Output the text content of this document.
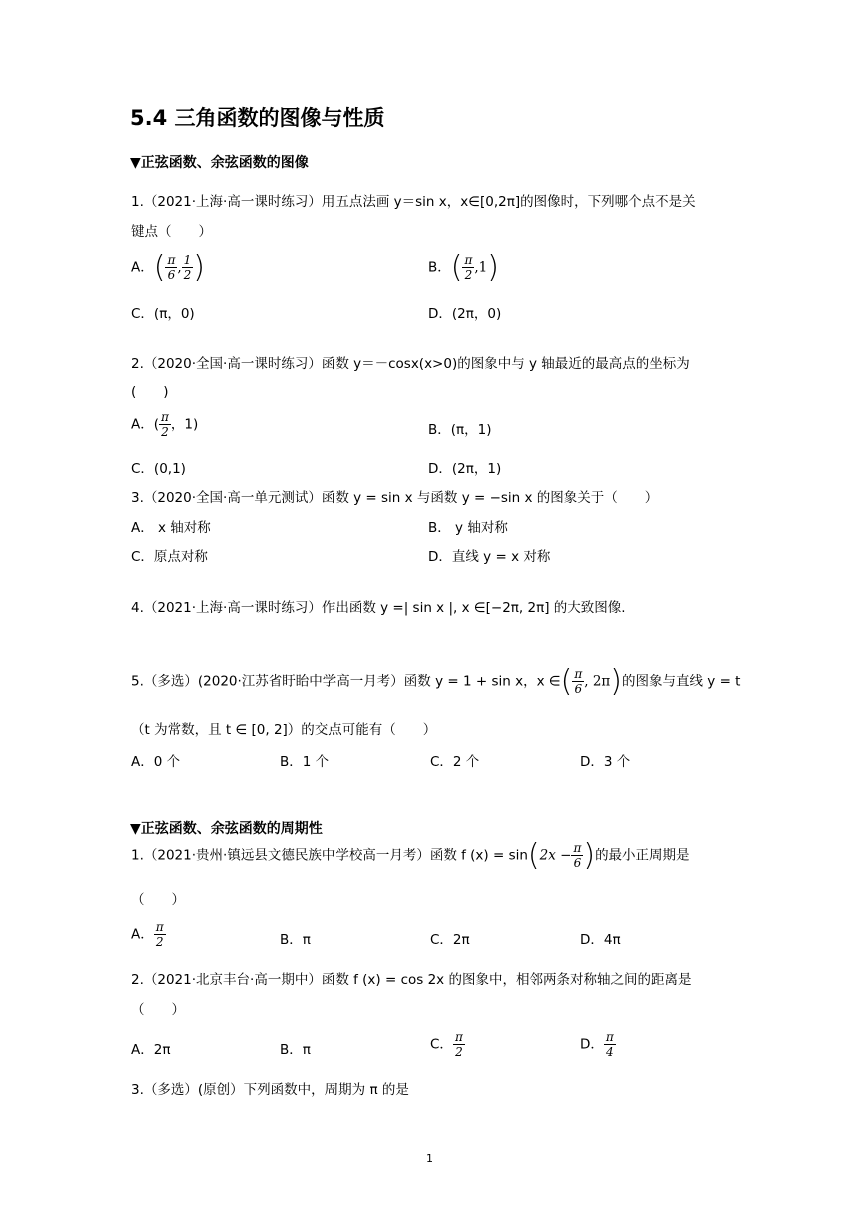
5.4 三角函数的图像与性质
▼正弦函数、余弦函数的图像
1.（2021·上海·高一课时练习）用五点法画 y＝sin x，x∈[0,2π]的图像时，下列哪个点不是关
键点（　　）
A．( $\frac{\pi}{6}$ , $\frac{1}{2}$ )	B．( $\frac{\pi}{2} ,1$)
C．(π，0)	D．(2π，0)
2.（2020·全国·高一课时练习）函数 y＝－cosx(x>0)的图象中与 y 轴最近的最高点的坐标为
(　　)
A．( $\frac{\pi}{2}$ ，1)	B．(π，1)
C．(0,1)	D．(2π，1)
3.（2020·全国·高一单元测试）函数 y = sin x 与函数 y = −sin x 的图象关于（　　）
A． x 轴对称	B． y 轴对称
C．原点对称	D．直线 y = x 对称
4.（2021·上海·高一课时练习）作出函数 y =| sin x |, x ∈[−2π, 2π] 的大致图像.
5.（多选）(2020·江苏省盱眙中学高一月考）函数 y = 1 + sin x，x ∈( $\frac{\pi}{6}$ , 2π)的图象与直线 y = t
（t 为常数，且 t ∈ [0, 2]）的交点可能有（　　）
A．0 个	B．1 个	C．2 个	D．3 个
▼正弦函数、余弦函数的周期性
1.（2021·贵州·镇远县文德民族中学校高一月考）函数 f $(x) = \sin(2x - \frac{\pi}{6}$ )的最小正周期是
（　　）
A． $\frac{\pi}{2}$	B．π	C．2π	D．4π
2.（2021·北京丰台·高一期中）函数 f (x) = cos 2x 的图象中，相邻两条对称轴之间的距离是
（　　）
A．2π	B．π	C． $\frac{\pi}{2}$	D． $\frac{\pi}{4}$
3.（多选）(原创）下列函数中，周期为 π 的是
1
